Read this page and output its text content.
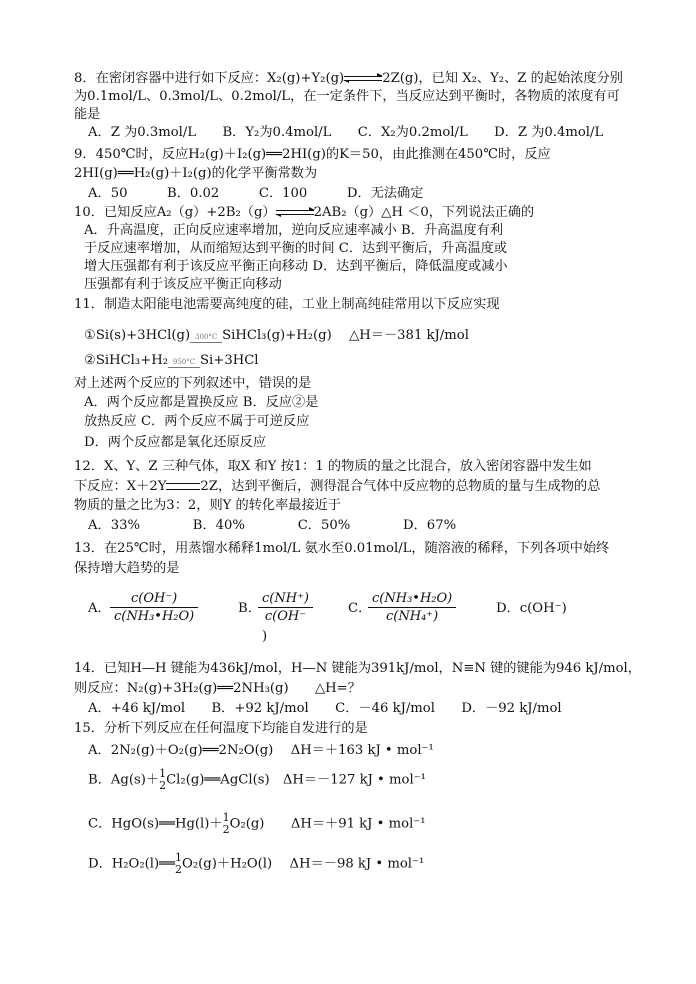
8．在密闭容器中进行如下反应：X₂(g)+Y₂(g)⇌2Z(g)，已知 X₂、Y₂、Z 的起始浓度分别
为0.1mol/L、0.3mol/L、0.2mol/L，在一定条件下，当反应达到平衡时，各物质的浓度有可
能是
A．Z 为0.3mol/L　　B．Y₂为0.4mol/L　　C．X₂为0.2mol/L　　D．Z 为0.4mol/L
9．450℃时，反应H₂(g)＋I₂(g)══2HI(g)的K＝50，由此推测在450℃时，反应
2HI(g)══H₂(g)＋I₂(g)的化学平衡常数为
A．50　　　B．0.02　　　C．100　　　D．无法确定
10．已知反应A₂（g）+2B₂（g）⇌2AB₂（g）△H ＜0，下列说法正确的
A．升高温度，正向反应速率增加，逆向反应速率减小 B．升高温度有利
于反应速率增加，从而缩短达到平衡的时间 C．达到平衡后，升高温度或
增大压强都有利于该反应平衡正向移动 D．达到平衡后，降低温度或减小
压强都有利于该反应平衡正向移动
11．制造太阳能电池需要高纯度的硅，工业上制高纯硅常用以下反应实现
①Si(s)+3HCl(g) 300°C SiHCl₃(g)+H₂(g)　 △H＝－381 kJ/mol
②SiHCl₃+H₂ 950°C Si+3HCl
对上述两个反应的下列叙述中，错误的是
A．两个反应都是置换反应 B．反应②是
放热反应 C．两个反应不属于可逆反应
D．两个反应都是氧化还原反应
12．X、Y、Z 三种气体，取X 和Y 按1：1 的物质的量之比混合，放入密闭容器中发生如
下反应：X＋2Y	2Z，达到平衡后，测得混合气体中反应物的总物质的量与生成物的总
物质的量之比为3：2，则Y 的转化率最接近于
A．33%　　　　B．40%　　　　C．50%　　　　D．67%
13．在25℃时，用蒸馏水稀释1mol/L 氨水至0.01mol/L，随溶液的稀释，下列各项中始终
保持增大趋势的是
A． $\frac{c(OH^-)}{\text{c(NH₃•H₂O)}}$	B．
$\frac{c(NH^+)}{c(OH^-}$
)
C．
$\frac{\text{c(NH₃•H₂O)}}{\text{c(NH₄⁺)}}$	D．c(OH⁻)
14．已知H—H 键能为436kJ/mol，H—N 键能为391kJ/mol，N≡N 键的键能为946 kJ/mol，
则反应：N₂(g)+3H₂(g)══2NH₃(g)　　△H=？
A．+46 kJ/mol　　B．+92 kJ/mol　　C．－46 kJ/mol　　D．－92 kJ/mol
15．分析下列反应在任何温度下均能自发进行的是
A．2N₂(g)＋O₂(g)══2N₂O(g)　 ΔH＝＋163 kJ • mol⁻¹
B．Ag(s)＋ 1
2 Cl₂(g)══AgCl(s)　ΔH＝－127 kJ • mol⁻¹
C．HgO(s)══Hg(l)＋ 1
2 O₂(g)　　ΔH＝＋91 kJ • mol⁻¹
D．H₂O₂(l)══ 1
2 O₂(g)＋H₂O(l)　 ΔH＝－98 kJ • mol⁻¹
